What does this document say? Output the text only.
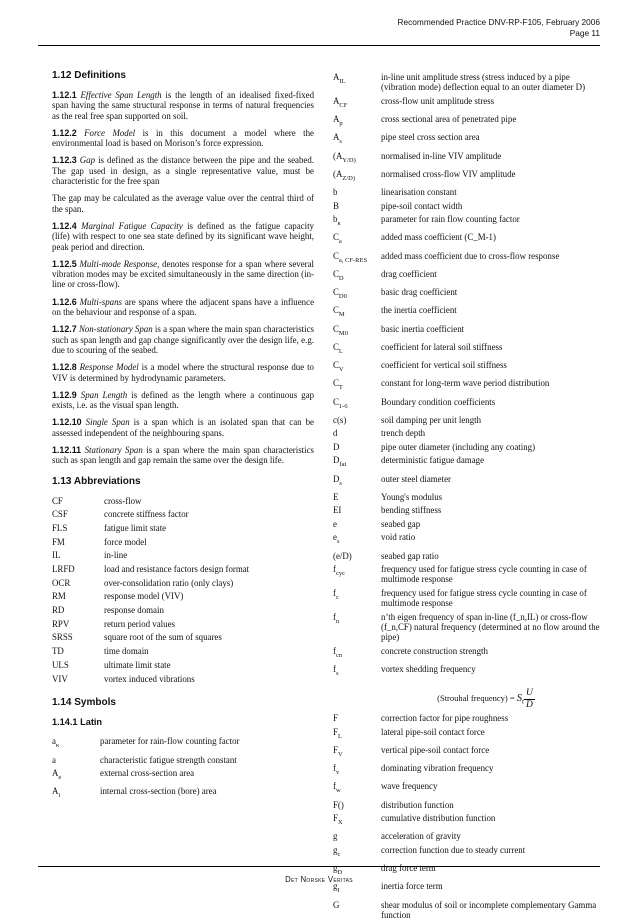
Recommended Practice DNV-RP-F105, February 2006
Page 11
1.12 Definitions

1.12.1 Effective Span Length is the length of an idealised fixed-fixed span having the same structural response in terms of natural frequencies as the real free span supported on soil.

1.12.2 Force Model is in this document a model where the environmental load is based on Morison’s force expression.

1.12.3 Gap is defined as the distance between the pipe and the seabed. The gap used in design, as a single representative value, must be characteristic for the free span

The gap may be calculated as the average value over the central third of the span.

1.12.4 Marginal Fatigue Capacity is defined as the fatigue capacity (life) with respect to one sea state defined by its significant wave height, peak period and direction.

1.12.5 Multi-mode Response, denotes response for a span where several vibration modes may be excited simultaneously in the same direction (in-line or cross-flow).

1.12.6 Multi-spans are spans where the adjacent spans have a influence on the behaviour and response of a span.

1.12.7 Non-stationary Span is a span where the main span characteristics such as span length and gap change significantly over the design life, e.g. due to scouring of the seabed.

1.12.8 Response Model is a model where the structural response due to VIV is determined by hydrodynamic parameters.

1.12.9 Span Length is defined as the length where a continuous gap exists, i.e. as the visual span length.

1.12.10 Single Span is a span which is an isolated span that can be assessed independent of the neighbouring spans.

1.12.11 Stationary Span is a span where the main span characteristics such as span length and gap remain the same over the design life.

1.13 Abbreviations
CF	cross-flow
CSF	concrete stiffness factor
FLS	fatigue limit state
FM	force model
IL	in-line
LRFD	load and resistance factors design format
OCR	over-consolidation ratio (only clays)
RM	response model (VIV)
RD	response domain
RPV	return period values
SRSS	square root of the sum of squares
TD	time domain
ULS	ultimate limit state
VIV	vortex induced vibrations
1.14 Symbols
1.14.1 Latin
$a_\kappa$	parameter for rain-flow counting factor
a	characteristic fatigue strength constant
$A_e$	external cross-section area
$A_i$	internal cross-section (bore) area
$A_{IL}$	in-line unit amplitude stress (stress induced by a pipe (vibration mode) deflection equal to an outer diameter D)
$A_{CF}$	cross-flow unit amplitude stress
$A_p$	cross sectional area of penetrated pipe
$A_s$	pipe steel cross section area
($A_{Y/D)}$	normalised in-line VIV amplitude
($A_{Z/D)}$	normalised cross-flow VIV amplitude
b	linearisation constant
B	pipe-soil contact width
$b_\kappa$	parameter for rain flow counting factor
$C_a$	added mass coefficient (C_M-1)
$C_{a, CF-RES}$	added mass coefficient due to cross-flow response
$C_D$	drag coefficient
$C_{D0}$	basic drag coefficient
$C_M$	the inertia coefficient
$C_{M0}$	basic inertia coefficient
$C_L$	coefficient for lateral soil stiffness
$C_V$	coefficient for vertical soil stiffness
$C_T$	constant for long-term wave period distribution
$C_{1-6}$	Boundary condition coefficients
c(s)	soil damping per unit length
d	trench depth
D	pipe outer diameter (including any coating)
$D_{fat}$	deterministic fatigue damage
$D_s$	outer steel diameter
E	Young's modulus
EI	bending stiffness
e	seabed gap
$e_s$	void ratio
(e/D)	seabed gap ratio
$f_{cyc}$	frequency used for fatigue stress cycle counting in case of multimode response
$f_c$	frequency used for fatigue stress cycle counting in case of multimode response
$f_n$	n’th eigen frequency of span in-line (f_n,IL) or cross-flow (f_n,CF) natural frequency (determined at no flow around the pipe)
$f_{cn}$	concrete construction strength
$f_s$	vortex shedding frequency
(Strouhal frequency) = $S_t \frac{U}{D}$

F	correction factor for pipe roughness
$F_L$	lateral pipe-soil contact force
$F_V$	vertical pipe-soil contact force
$f_v$	dominating vibration frequency
$f_w$	wave frequency
F()	distribution function
$F_X$	cumulative distribution function
g	acceleration of gravity
$g_c$	correction function due to steady current
$g_D$	drag force term
$g_I$	inertia force term
G	shear modulus of soil or incomplete complementary Gamma function
Det Norske Veritas
